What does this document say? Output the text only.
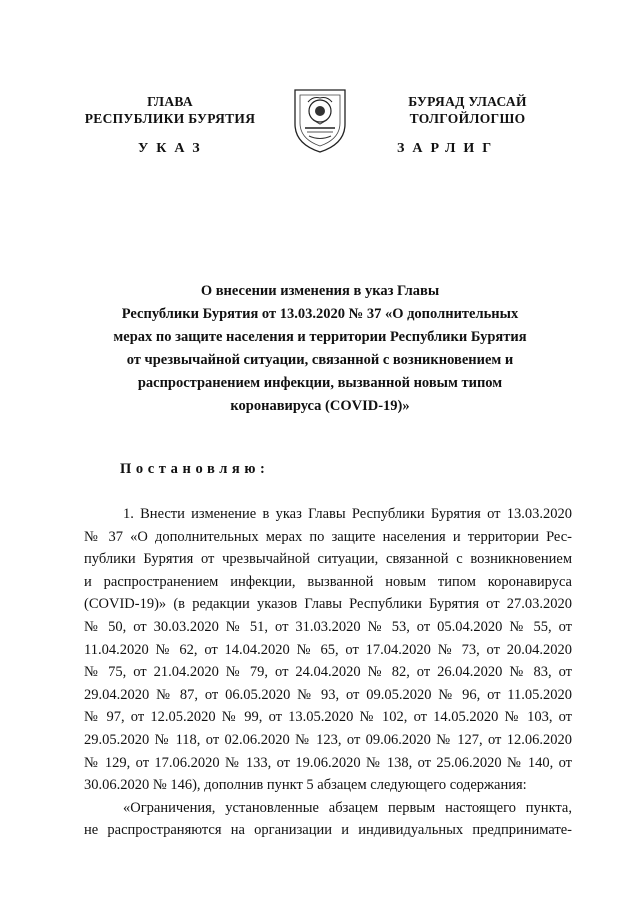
ГЛАВА
РЕСПУБЛИКИ БУРЯТИЯ
БУРЯАД УЛАСАЙ
ТОЛГОЙЛОГШО
УКАЗ	ЗАРЛИГ
О внесении изменения в указ Главы
Республики Бурятия от 13.03.2020 № 37 «О дополнительных
мерах по защите населения и территории Республики Бурятия
от чрезвычайной ситуации, связанной с возникновением и
распространением инфекции, вызванной новым типом
коронавируса (COVID-19)»
Постановляю:
1. Внести изменение в указ Главы Республики Бурятия от 13.03.2020
№ 37 «О дополнительных мерах по защите населения и территории Рес-
публики Бурятия от чрезвычайной ситуации, связанной с возникновением
и распространением инфекции, вызванной новым типом коронавируса
(COVID-19)» (в редакции указов Главы Республики Бурятия от 27.03.2020
№ 50, от 30.03.2020 № 51, от 31.03.2020 № 53, от 05.04.2020 № 55, от
11.04.2020 № 62, от 14.04.2020 № 65, от 17.04.2020 № 73, от 20.04.2020
№ 75, от 21.04.2020 № 79, от 24.04.2020 № 82, от 26.04.2020 № 83, от
29.04.2020 № 87, от 06.05.2020 № 93, от 09.05.2020 № 96, от 11.05.2020
№ 97, от 12.05.2020 № 99, от 13.05.2020 № 102, от 14.05.2020 № 103, от
29.05.2020 № 118, от 02.06.2020 № 123, от 09.06.2020 № 127, от 12.06.2020
№ 129, от 17.06.2020 № 133, от 19.06.2020 № 138, от 25.06.2020 № 140, от
30.06.2020 № 146), дополнив пункт 5 абзацем следующего содержания:
«Ограничения, установленные абзацем первым настоящего пункта,
не распространяются на организации и индивидуальных предпринимате-
